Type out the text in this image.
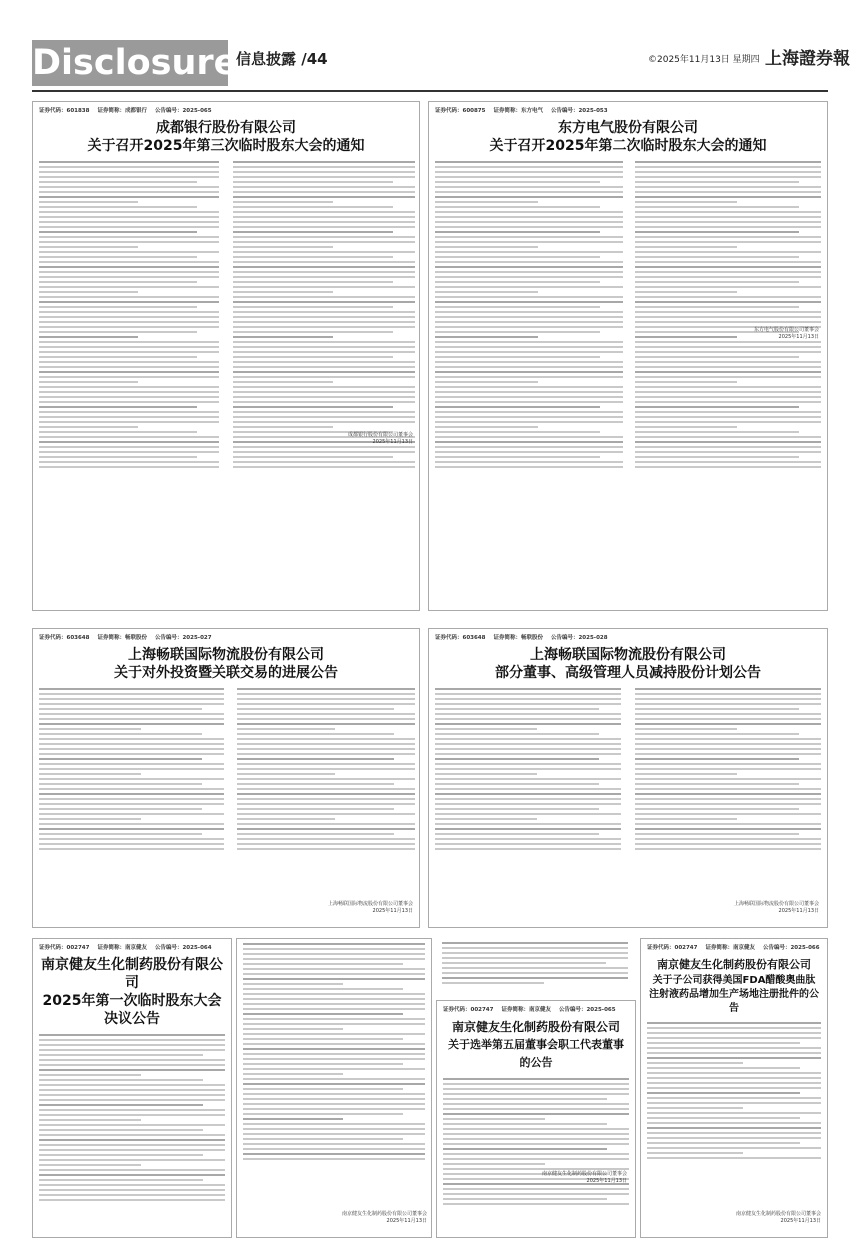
Disclosure
信息披露 /44	©2025年11月13日 星期四 上海證券報
证券代码：601838 证券简称：成都银行 公告编号：2025-065
成都银行股份有限公司
关于召开2025年第三次临时股东大会的通知
成都银行股份有限公司董事会
2025年11月13日
证券代码：600875 证券简称：东方电气 公告编号：2025-053
东方电气股份有限公司
关于召开2025年第二次临时股东大会的通知
东方电气股份有限公司董事会
2025年11月13日
证券代码：603648 证券简称：畅联股份 公告编号：2025-027
上海畅联国际物流股份有限公司
关于对外投资暨关联交易的进展公告
上海畅联国际物流股份有限公司董事会
2025年11月13日
证券代码：603648 证券简称：畅联股份 公告编号：2025-028
上海畅联国际物流股份有限公司
部分董事、高级管理人员减持股份计划公告
上海畅联国际物流股份有限公司董事会
2025年11月13日
证券代码：002747 证券简称：南京健友 公告编号：2025-064
南京健友生化制药股份有限公司
2025年第一次临时股东大会决议公告
南京健友生化制药股份有限公司董事会
2025年11月13日
证券代码：002747 证券简称：南京健友 公告编号：2025-065
南京健友生化制药股份有限公司
关于选举第五届董事会职工代表董事的公告
南京健友生化制药股份有限公司董事会
2025年11月13日
证券代码：002747 证券简称：南京健友 公告编号：2025-066
南京健友生化制药股份有限公司
关于子公司获得美国FDA醋酸奥曲肽
注射液药品增加生产场地注册批件的公告
南京健友生化制药股份有限公司董事会
2025年11月13日
